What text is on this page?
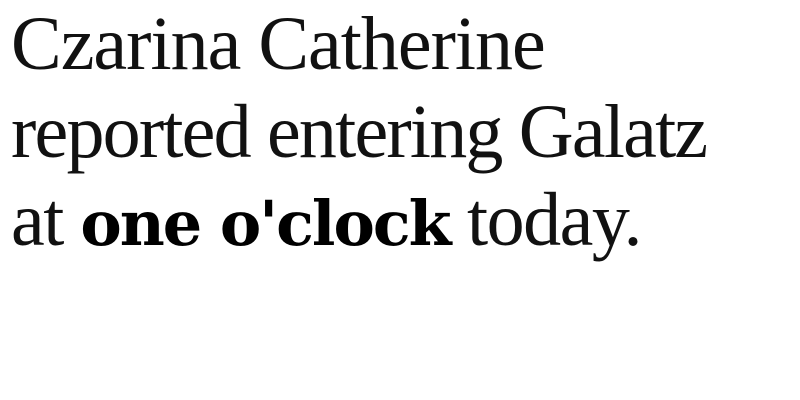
Czarina Catherine
reported entering Galatz
at one o'clock today.
